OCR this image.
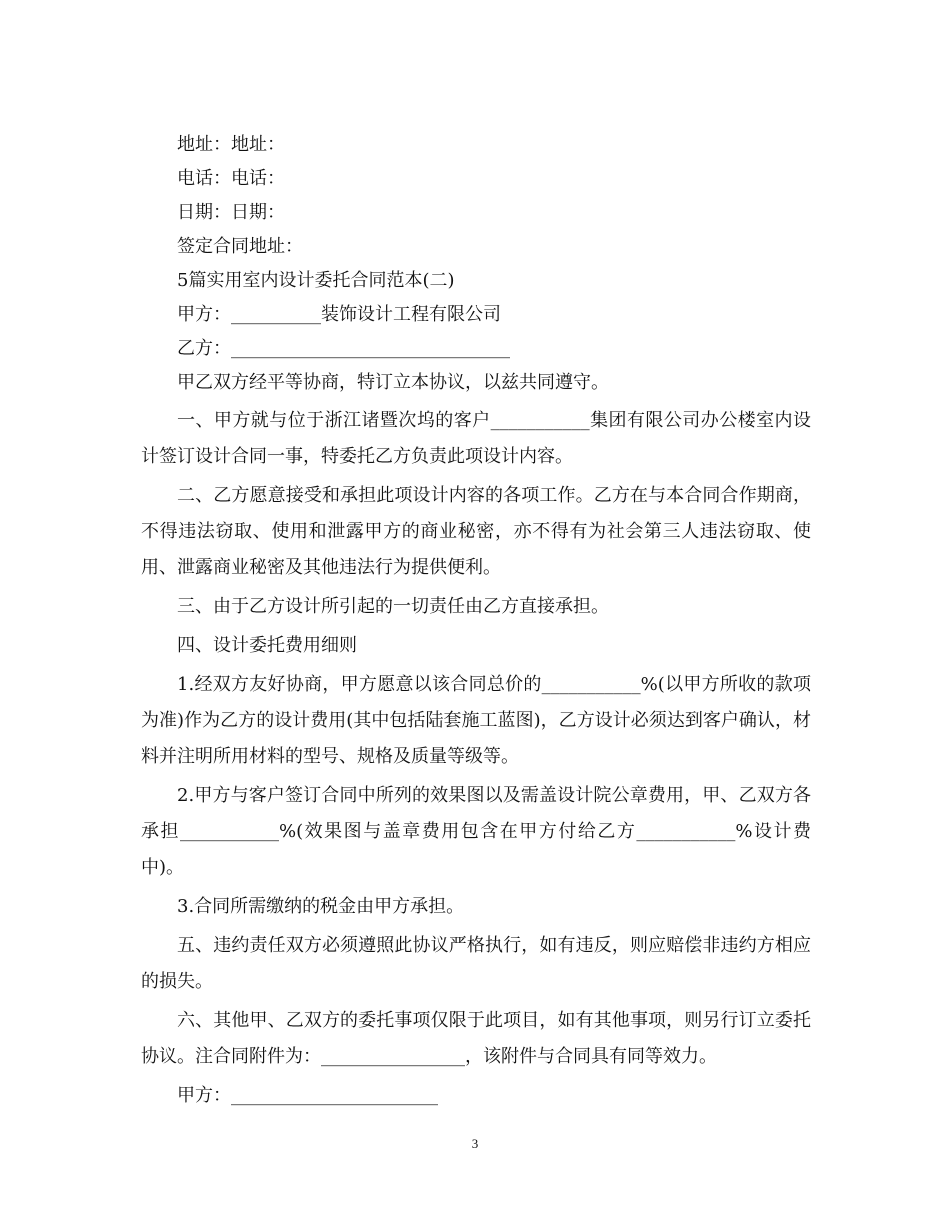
地址：地址：
电话：电话：
日期：日期：
签定合同地址：
5篇实用室内设计委托合同范本(二)
甲方：__________装饰设计工程有限公司
乙方：_______________________________
甲乙双方经平等协商，特订立本协议，以兹共同遵守。
一、甲方就与位于浙江诸暨次坞的客户___________集团有限公司办公楼室内设计签订设计合同一事，特委托乙方负责此项设计内容。
二、乙方愿意接受和承担此项设计内容的各项工作。乙方在与本合同合作期商，不得违法窃取、使用和泄露甲方的商业秘密，亦不得有为社会第三人违法窃取、使用、泄露商业秘密及其他违法行为提供便利。
三、由于乙方设计所引起的一切责任由乙方直接承担。
四、设计委托费用细则
1.经双方友好协商，甲方愿意以该合同总价的___________%(以甲方所收的款项为准)作为乙方的设计费用(其中包括陆套施工蓝图)，乙方设计必须达到客户确认，材料并注明所用材料的型号、规格及质量等级等。
2.甲方与客户签订合同中所列的效果图以及需盖设计院公章费用，甲、乙双方各承担___________%(效果图与盖章费用包含在甲方付给乙方___________%设计费中)。
3.合同所需缴纳的税金由甲方承担。
五、违约责任双方必须遵照此协议严格执行，如有违反，则应赔偿非违约方相应的损失。
六、其他甲、乙双方的委托事项仅限于此项目，如有其他事项，则另行订立委托协议。注合同附件为：________________，该附件与合同具有同等效力。
甲方：_______________________
3
